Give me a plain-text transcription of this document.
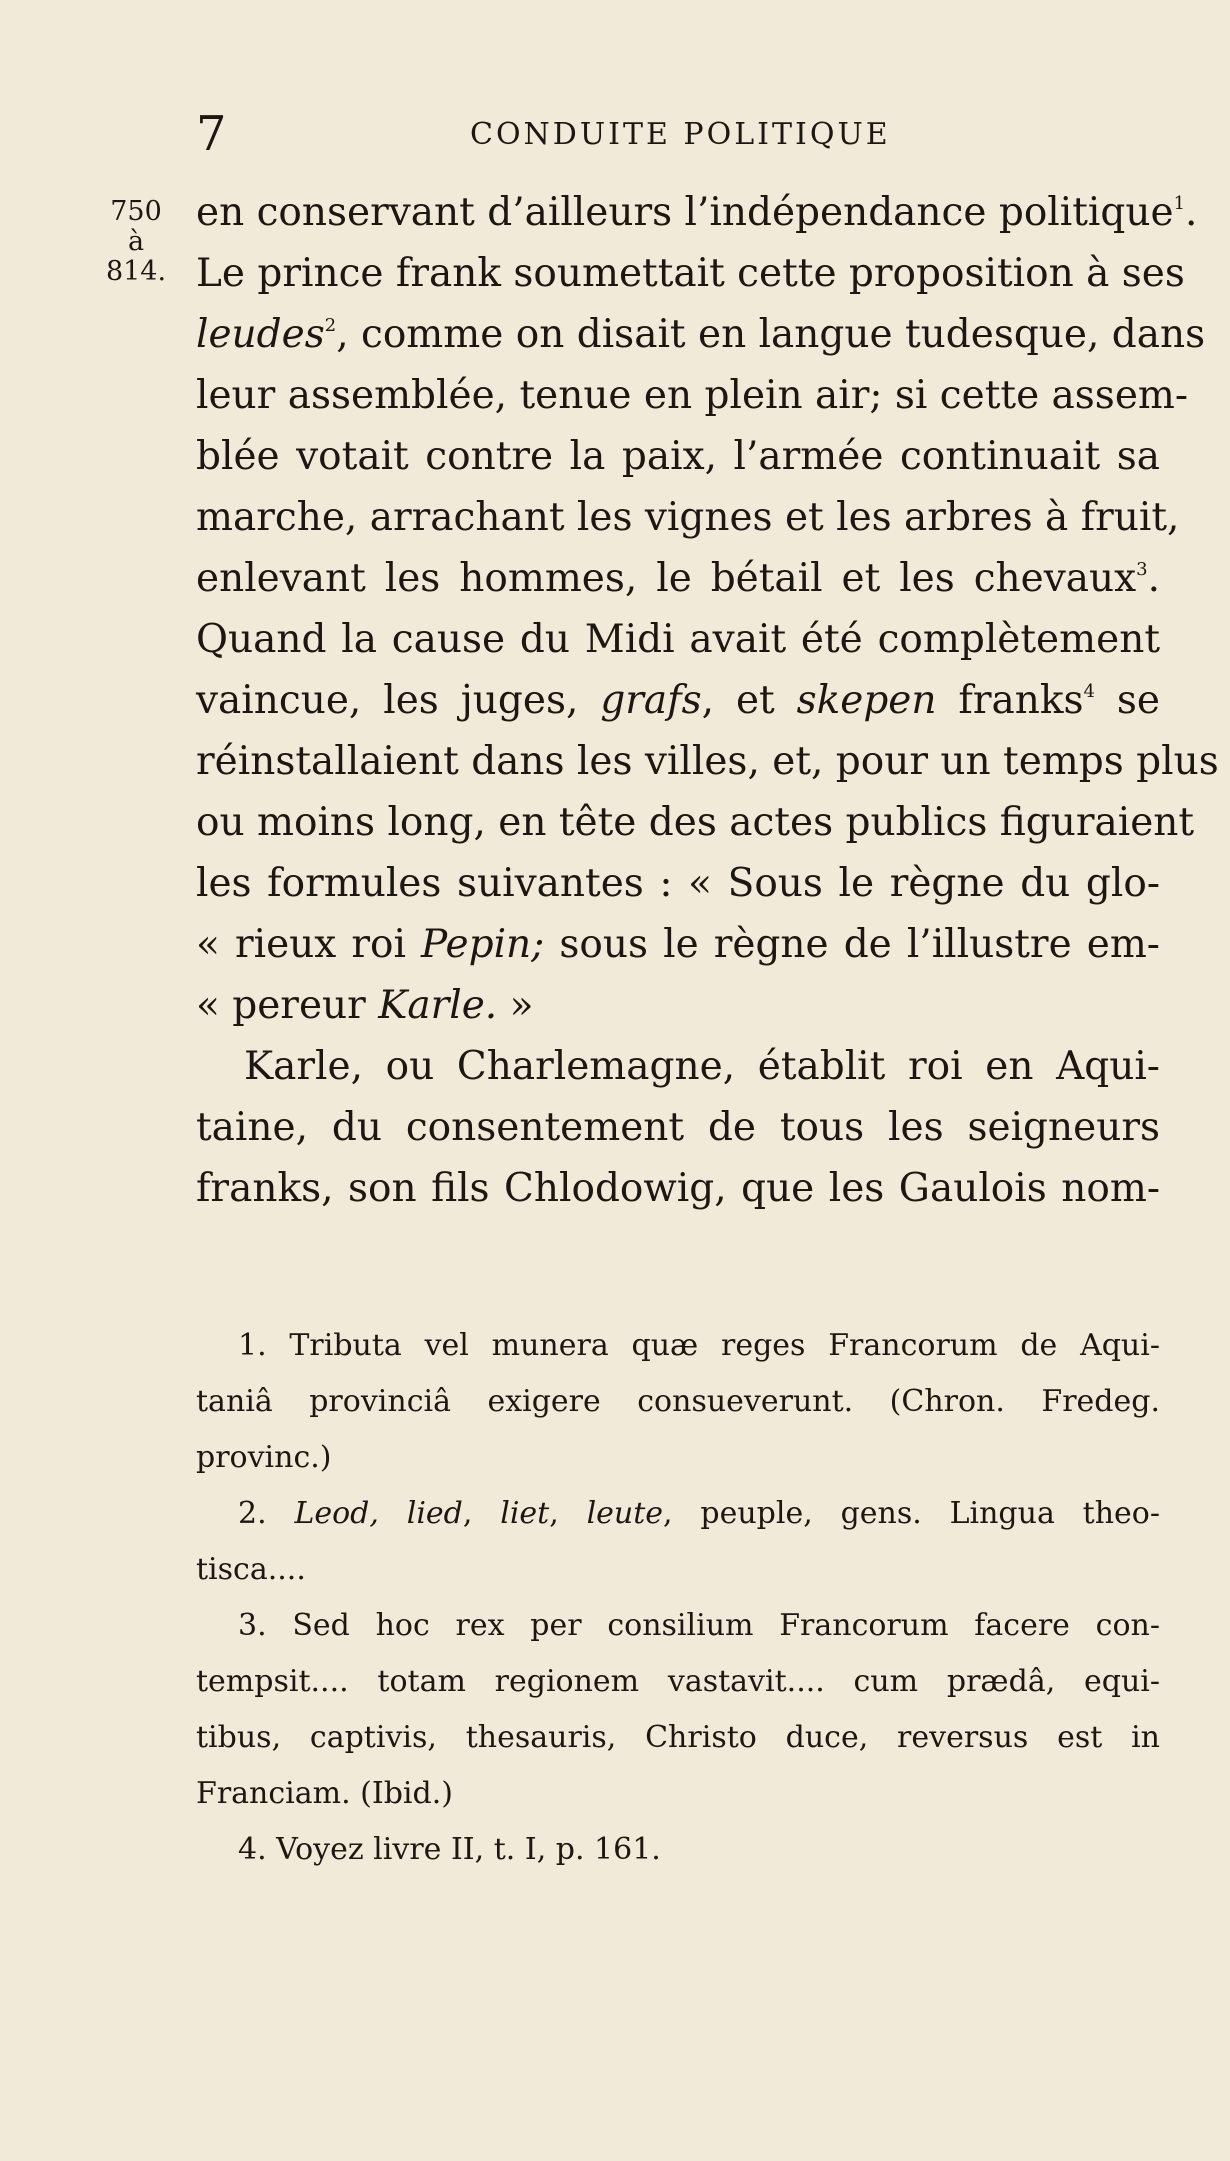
7	CONDUITE POLITIQUE
750
à
814.
en conservant d’ailleurs l’indépendance politique$^1$.
Le prince frank soumettait cette proposition à ses
leudes$^2$, comme on disait en langue tudesque, dans
leur assemblée, tenue en plein air; si cette assem-
blée votait contre la paix, l’armée continuait sa
marche, arrachant les vignes et les arbres à fruit,
enlevant les hommes, le bétail et les chevaux$^3$.
Quand la cause du Midi avait été complètement
vaincue, les juges, grafs, et skepen franks$^4$ se
réinstallaient dans les villes, et, pour un temps plus
ou moins long, en tête des actes publics figuraient
les formules suivantes : « Sous le règne du glo-
« rieux roi Pepin; sous le règne de l’illustre em-
« pereur Karle. »
Karle, ou Charlemagne, établit roi en Aqui-
taine, du consentement de tous les seigneurs
franks, son fils Chlodowig, que les Gaulois nom-
1. Tributa vel munera quæ reges Francorum de Aqui-
taniâ provinciâ exigere consueverunt. (Chron. Fredeg.
provinc.)
2. Leod, lied, liet, leute, peuple, gens. Lingua theo-
tisca....
3. Sed hoc rex per consilium Francorum facere con-
tempsit.... totam regionem vastavit.... cum prædâ, equi-
tibus, captivis, thesauris, Christo duce, reversus est in
Franciam. (Ibid.)
4. Voyez livre II, t. I, p. 161.
